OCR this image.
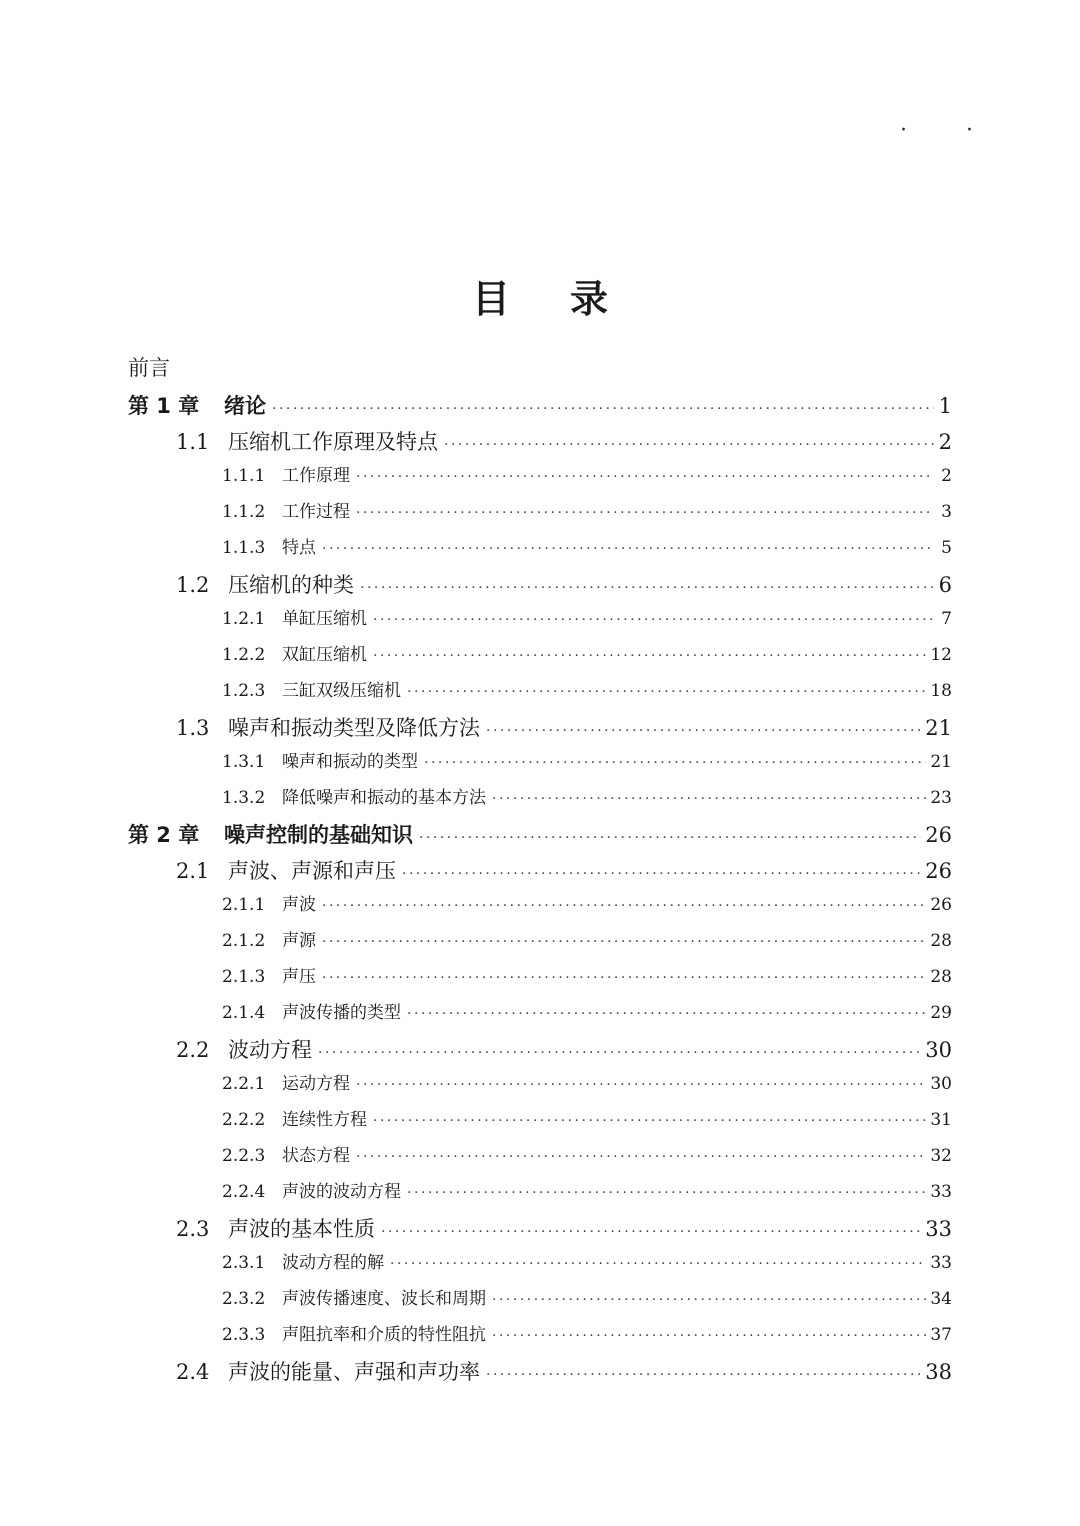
· ·
目录
前言
第 1 章	绪论 ·····	1
1.1 压缩机工作原理及特点 ·····	2
1.1.1 工作原理 ·····	2
1.1.2 工作过程 ·····	3
1.1.3 特点 ·····	5
1.2 压缩机的种类 ·····	6
1.2.1 单缸压缩机 ·····	7
1.2.2 双缸压缩机 ·····	12
1.2.3 三缸双级压缩机 ·····	18
1.3 噪声和振动类型及降低方法 ·····	21
1.3.1 噪声和振动的类型 ·····	21
1.3.2 降低噪声和振动的基本方法 ·····	23
第 2 章	噪声控制的基础知识 ·····	26
2.1 声波、声源和声压 ·····	26
2.1.1 声波 ·····	26
2.1.2 声源 ·····	28
2.1.3 声压 ·····	28
2.1.4 声波传播的类型 ·····	29
2.2 波动方程 ·····	30
2.2.1 运动方程 ·····	30
2.2.2 连续性方程 ·····	31
2.2.3 状态方程 ·····	32
2.2.4 声波的波动方程 ·····	33
2.3 声波的基本性质 ·····	33
2.3.1 波动方程的解 ·····	33
2.3.2 声波传播速度、波长和周期 ·····	34
2.3.3 声阻抗率和介质的特性阻抗 ·····	37
2.4 声波的能量、声强和声功率 ·····	38
